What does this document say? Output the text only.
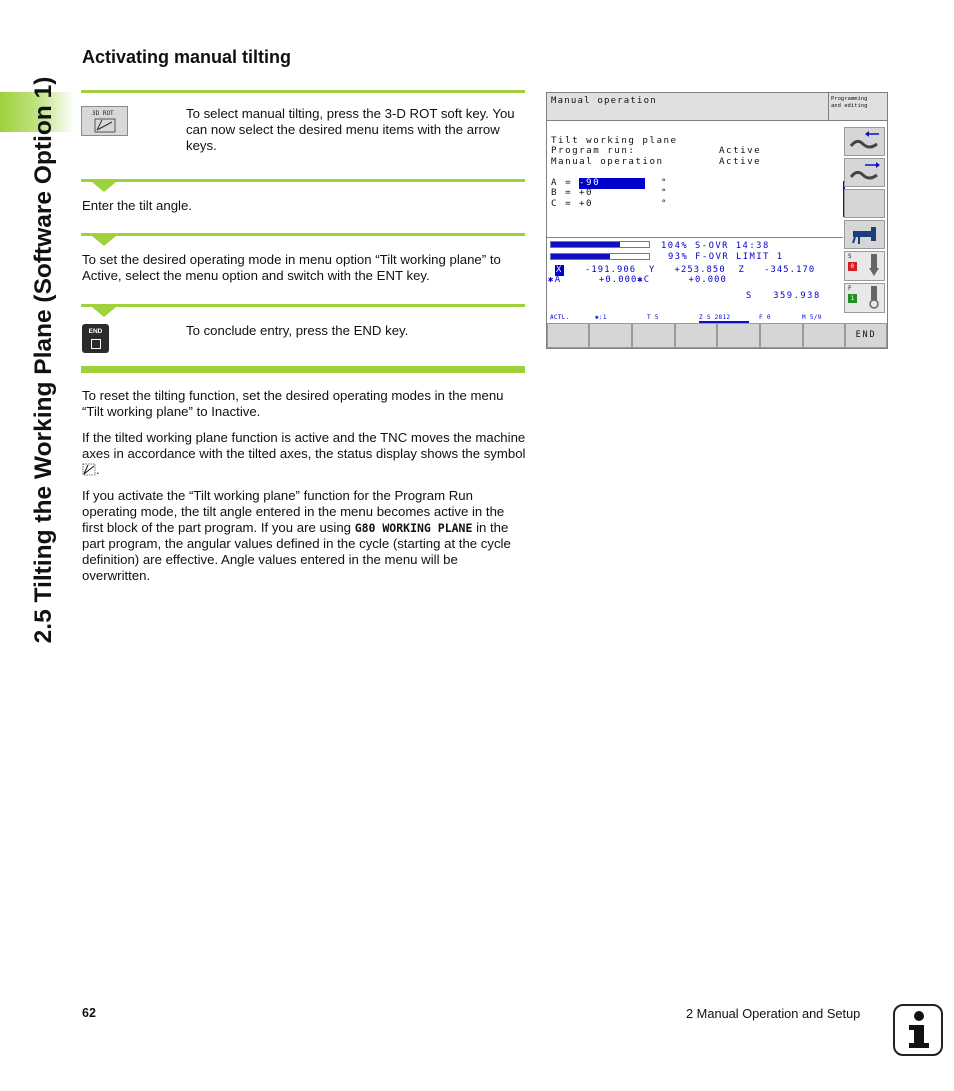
2.5 Tilting the Working Plane (Software Option 1)
Activating manual tilting
3D ROT	To select manual tilting, press the 3-D ROT soft key. You can now select the desired menu items with the arrow keys.

Enter the tilt angle.

To set the desired operating mode in menu option “Tilt working plane” to Active, select the menu option and switch with the ENT key.

END	To conclude entry, press the END key.

To reset the tilting function, set the desired operating modes in the menu “Tilt working plane” to Inactive.

If the tilted working plane function is active and the TNC moves the machine axes in accordance with the tilted axes, the status display shows the symbol .

If you activate the “Tilt working plane” function for the Program Run operating mode, the tilt angle entered in the menu becomes active in the first block of the part program. If you are using G80 WORKING PLANE in the part program, the angular values defined in the cycle (starting at the cycle definition) are effective. Angle values entered in the menu will be overwritten.

Manual operation	Programming
and editing
Tilt working plane
Program run:	Active
Manual operation	Active
A = -90	°
B = +0	°
C = +0	°
104% S-OVR 14:38
93% F-OVR LIMIT 1
X	-191.906  Y   +253.850  Z   -345.170
✱A	+0.000✱C      +0.000
S   359.938
ACTL.	✱:1	T 5	Z S 2812	F 0	M 5/9
S
0
F
1
END
62	2 Manual Operation and Setup
